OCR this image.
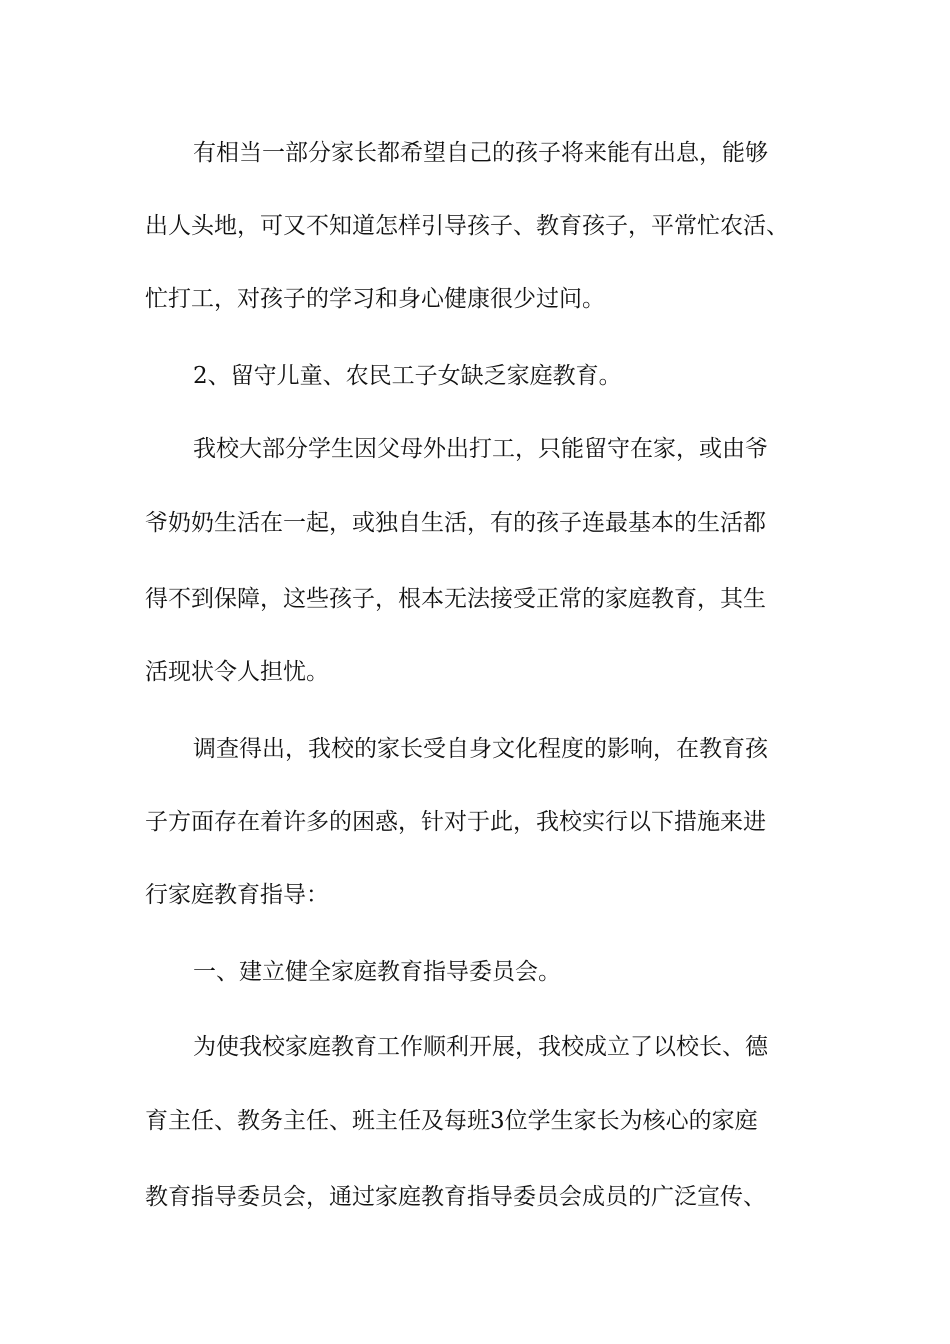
有相当一部分家长都希望自己的孩子将来能有出息，能够
出人头地，可又不知道怎样引导孩子、教育孩子，平常忙农活、
忙打工，对孩子的学习和身心健康很少过问。
2、留守儿童、农民工子女缺乏家庭教育。
我校大部分学生因父母外出打工，只能留守在家，或由爷
爷奶奶生活在一起，或独自生活，有的孩子连最基本的生活都
得不到保障，这些孩子，根本无法接受正常的家庭教育，其生
活现状令人担忧。
调查得出，我校的家长受自身文化程度的影响，在教育孩
子方面存在着许多的困惑，针对于此，我校实行以下措施来进
行家庭教育指导：
一、建立健全家庭教育指导委员会。
为使我校家庭教育工作顺利开展，我校成立了以校长、德
育主任、教务主任、班主任及每班3位学生家长为核心的家庭
教育指导委员会，通过家庭教育指导委员会成员的广泛宣传、
